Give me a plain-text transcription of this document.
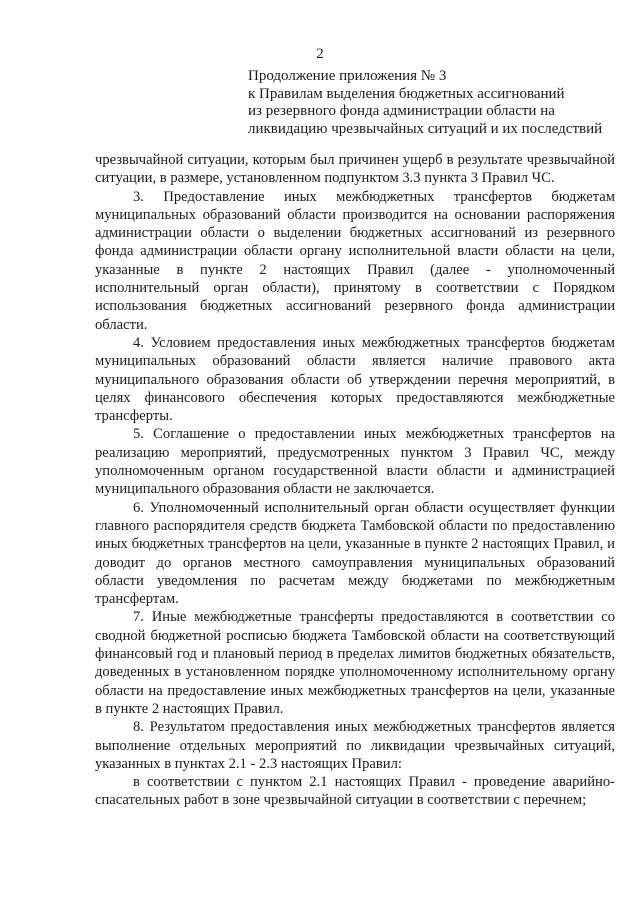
2
Продолжение приложения № 3
к Правилам выделения бюджетных ассигнований
из резервного фонда администрации области на
ликвидацию чрезвычайных ситуаций и их последствий

чрезвычайной ситуации, которым был причинен ущерб в результате чрезвычайной ситуации, в размере, установленном подпунктом 3.3 пункта 3 Правил ЧС.

3. Предоставление иных межбюджетных трансфертов бюджетам муниципальных образований области производится на основании распоряжения администрации области о выделении бюджетных ассигнований из резервного фонда администрации области органу исполнительной власти области на цели, указанные в пункте 2 настоящих Правил (далее - уполномоченный исполнительный орган области), принятому в соответствии с Порядком использования бюджетных ассигнований резервного фонда администрации области.

4. Условием предоставления иных межбюджетных трансфертов бюджетам муниципальных образований области является наличие правового акта муниципального образования области об утверждении перечня мероприятий, в целях финансового обеспечения которых предоставляются межбюджетные трансферты.

5. Соглашение о предоставлении иных межбюджетных трансфертов на реализацию мероприятий, предусмотренных пунктом 3 Правил ЧС, между уполномоченным органом государственной власти области и администрацией муниципального образования области не заключается.

6. Уполномоченный исполнительный орган области осуществляет функции главного распорядителя средств бюджета Тамбовской области по предоставлению иных бюджетных трансфертов на цели, указанные в пункте 2 настоящих Правил, и доводит до органов местного самоуправления муниципальных образований области уведомления по расчетам между бюджетами по межбюджетным трансфертам.

7. Иные межбюджетные трансферты предоставляются в соответствии со сводной бюджетной росписью бюджета Тамбовской области на соответствующий финансовый год и плановый период в пределах лимитов бюджетных обязательств, доведенных в установленном порядке уполномоченному исполнительному органу области на предоставление иных межбюджетных трансфертов на цели, указанные в пункте 2 настоящих Правил.

8. Результатом предоставления иных межбюджетных трансфертов является выполнение отдельных мероприятий по ликвидации чрезвычайных ситуаций, указанных в пунктах 2.1 - 2.3 настоящих Правил:

в соответствии с пунктом 2.1 настоящих Правил - проведение аварийно-спасательных работ в зоне чрезвычайной ситуации в соответствии с перечнем;
